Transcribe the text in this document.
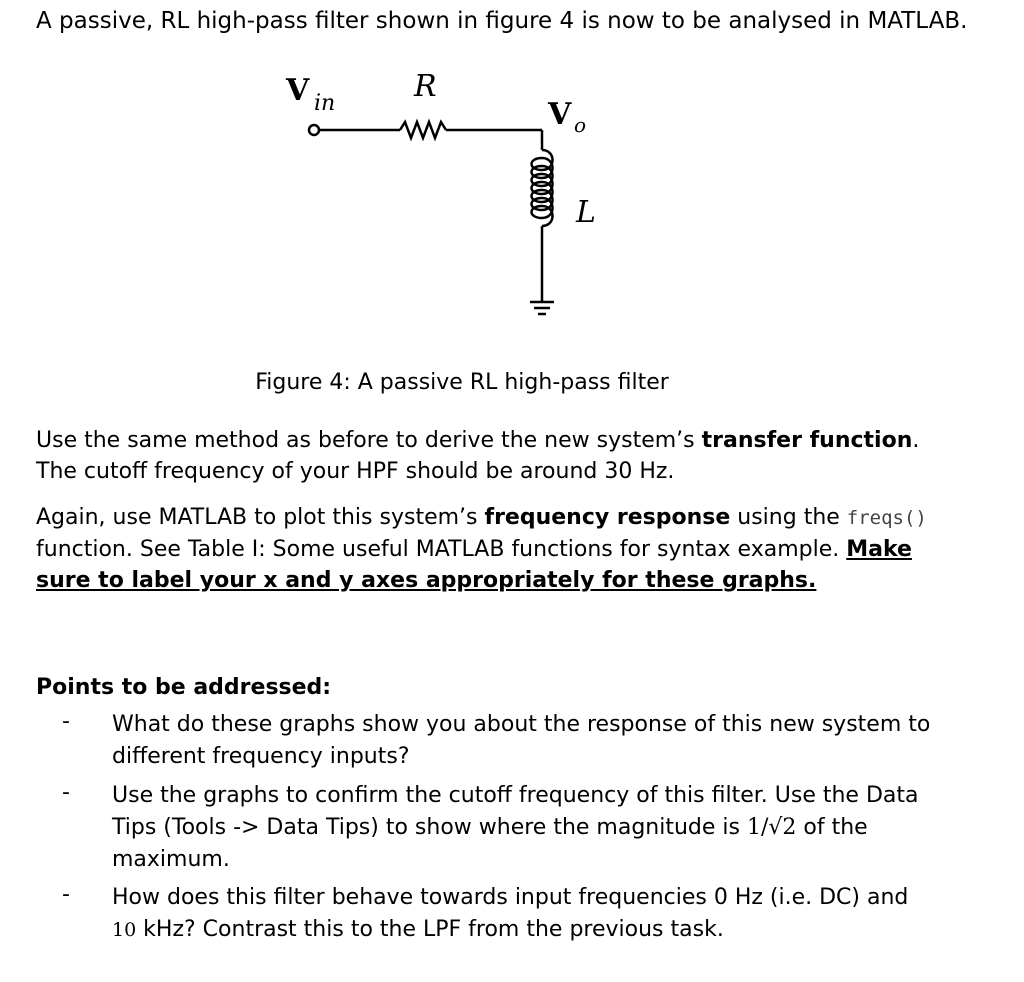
A passive, RL high-pass filter shown in figure 4 is now to be analysed in MATLAB.
V in	R
V o
L
Figure 4: A passive RL high-pass filter
Use the same method as before to derive the new system’s transfer function. The cutoff frequency of your HPF should be around 30 Hz.
Again, use MATLAB to plot this system’s frequency response using the freqs() function. See Table I: Some useful MATLAB functions for syntax example. Make sure to label your x and y axes appropriately for these graphs.
Points to be addressed:
- What do these graphs show you about the response of this new system to different frequency inputs?
- Use the graphs to confirm the cutoff frequency of this filter. Use the Data Tips (Tools -> Data Tips) to show where the magnitude is 1/√2 of the maximum.
- How does this filter behave towards input frequencies 0 Hz (i.e. DC) and 10 kHz? Contrast this to the LPF from the previous task.
